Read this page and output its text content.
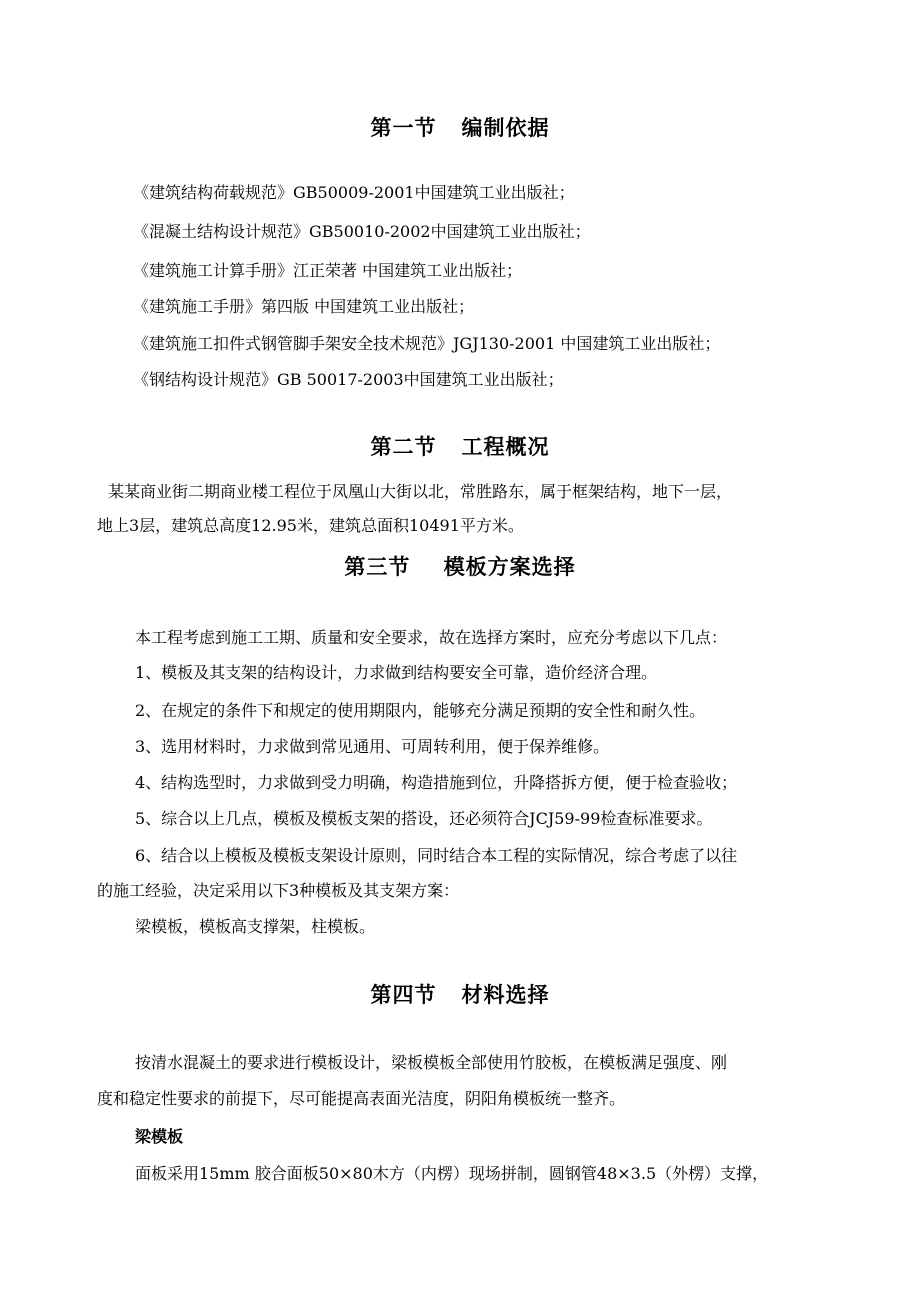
第一节   编制依据
《建筑结构荷载规范》GB50009-2001中国建筑工业出版社；
《混凝土结构设计规范》GB50010-2002中国建筑工业出版社；
《建筑施工计算手册》江正荣著 中国建筑工业出版社；
《建筑施工手册》第四版 中国建筑工业出版社；
《建筑施工扣件式钢管脚手架安全技术规范》JGJ130-2001 中国建筑工业出版社；
《钢结构设计规范》GB 50017-2003中国建筑工业出版社；
第二节   工程概况
某某商业街二期商业楼工程位于凤凰山大街以北，常胜路东，属于框架结构，地下一层，
地上3层，建筑总高度12.95米，建筑总面积10491平方米。
第三节    模板方案选择
本工程考虑到施工工期、质量和安全要求，故在选择方案时，应充分考虑以下几点：
1、模板及其支架的结构设计，力求做到结构要安全可靠，造价经济合理。
2、在规定的条件下和规定的使用期限内，能够充分满足预期的安全性和耐久性。
3、选用材料时，力求做到常见通用、可周转利用，便于保养维修。
4、结构选型时，力求做到受力明确，构造措施到位，升降搭拆方便，便于检查验收；
5、综合以上几点，模板及模板支架的搭设，还必须符合JCJ59-99检查标准要求。
6、结合以上模板及模板支架设计原则，同时结合本工程的实际情况，综合考虑了以往
的施工经验，决定采用以下3种模板及其支架方案：
梁模板，模板高支撑架，柱模板。
第四节   材料选择
按清水混凝土的要求进行模板设计，梁板模板全部使用竹胶板，在模板满足强度、刚
度和稳定性要求的前提下，尽可能提高表面光洁度，阴阳角模板统一整齐。
梁模板
面板采用15mm 胶合面板50×80木方（内楞）现场拼制，圆钢管48×3.5（外楞）支撑，
